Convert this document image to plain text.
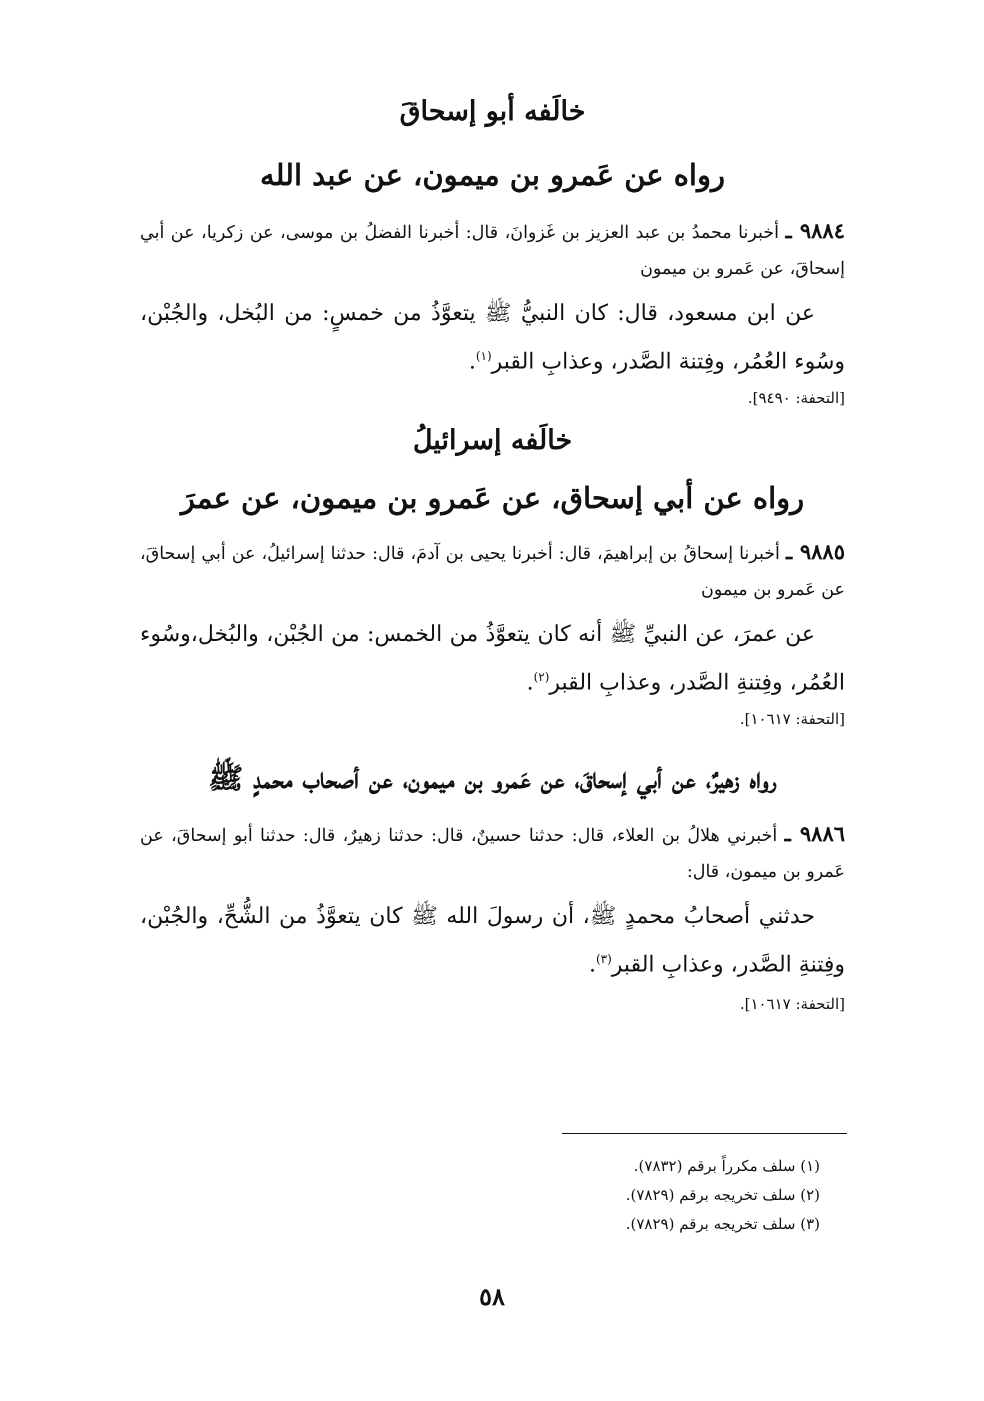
خالَفه أبو إسحاقَ
رواه عن عَمرو بن ميمون، عن عبد الله

٩٨٨٤ ـ أخبرنا محمدُ بن عبد العزيز بن غَزوانَ، قال: أخبرنا الفضلُ بن موسى، عن زكريا، عن أبي إسحاقَ، عن عَمرو بن ميمون

عن ابن مسعود، قال: كان النبيُّ ﷺ يتعوَّذُ من خمسٍ: من البُخل، والجُبْن، وسُوء العُمُر، وفِتنة الصَّدر، وعذابِ القبر$^{(١)}$.

[التحفة: ٩٤٩٠].

خالَفه إسرائيلُ
رواه عن أبي إسحاق، عن عَمرو بن ميمون، عن عمرَ

٩٨٨٥ ـ أخبرنا إسحاقُ بن إبراهيمَ، قال: أخبرنا يحيى بن آدمَ، قال: حدثنا إسرائيلُ، عن أبي إسحاقَ، عن عَمرو بن ميمون

عن عمرَ، عن النبيِّ ﷺ أنه كان يتعوَّذُ من الخمس: من الجُبْن، والبُخل،وسُوء العُمُر، وفِتنةِ الصَّدر، وعذابِ القبر$^{(٢)}$.

[التحفة: ١٠٦١٧].

رواه زهيرٌ، عن أبي إسحاقَ، عن عَمرو بن ميمون، عن أصحاب محمدٍ ﷺ

٩٨٨٦ ـ أخبرني هلالُ بن العلاء، قال: حدثنا حسينٌ، قال: حدثنا زهيرٌ، قال: حدثنا أبو إسحاقَ، عن عَمرو بن ميمون، قال:

حدثني أصحابُ محمدٍ ﷺ، أن رسولَ الله ﷺ كان يتعوَّذُ من الشُّحِّ، والجُبْن، وفِتنةِ الصَّدر، وعذابِ القبر$^{(٣)}$.

[التحفة: ١٠٦١٧].

(١) سلف مكرراً برقم (٧٨٣٢).
(٢) سلف تخريجه برقم (٧٨٢٩).
(٣) سلف تخريجه برقم (٧٨٢٩).
٥٨
